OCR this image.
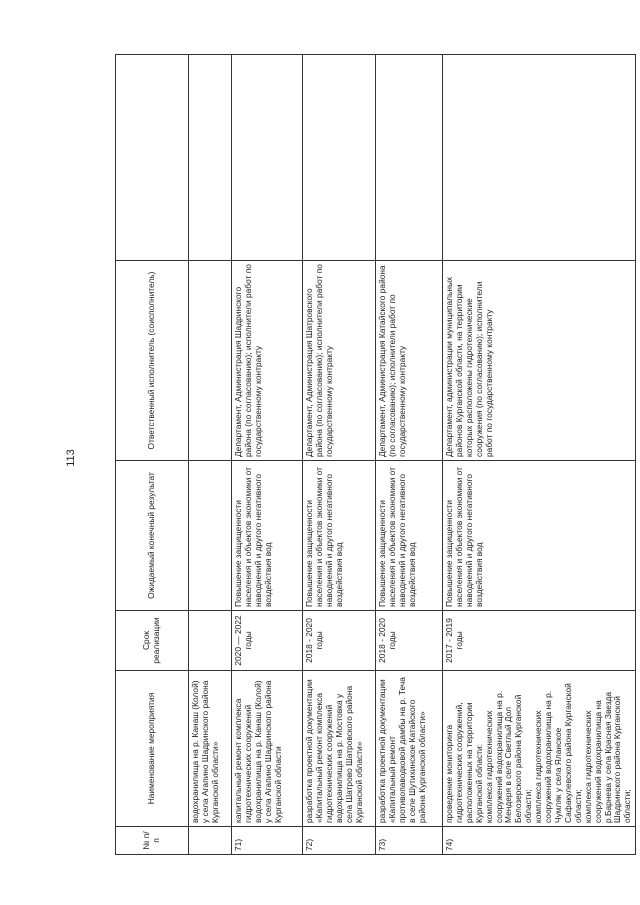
113
№ п/п	Наименование мероприятия	Срок реализации	Ожидаемый конечный результат	Ответственный исполнитель (соисполнитель)	
	водохранилища на р. Канаш (Колой) у села Агапино Шадринского района Курганской области»				
71)	капитальный ремонт комплекса гидротехнических сооружений водохранилища на р. Канаш (Колой) у села Агапино Шадринского района Курганской области	2020 — 2022 годы	Повышение защищенности населения и объектов экономики от наводнений и другого негативного воздействия вод	Департамент, Администрация Шадринского района (по согласованию); исполнители работ по государственному контракту	
72)	разработка проектной документации «Капитальный ремонт комплекса гидротехнических сооружений водохранилища на р. Мостовка у села Шатрово Шатровского района Курганской области»	2018 - 2020 годы	Повышение защищенности населения и объектов экономики от наводнений и другого негативного воздействия вод	Департамент, Администрация Шатровского района (по согласованию); исполнители работ по государственному контракту	
73)	разработка проектной документации «Капитальный ремонт противопаводковой дамбы на р. Теча в селе Шутихинское Катайского района Курганской области»	2018 - 2020 годы	Повышение защищенности населения и объектов экономики от наводнений и другого негативного воздействия вод	Департамент, Администрация Катайского района (по согласованию); исполнители работ по государственному контракту	
74)	проведение мониторинга гидротехнических сооружений, расположенных на территории Курганской области: комплекса гидротехнических сооружений водохранилища на р. Мендеря в селе Светлый Дол Белозерского района Курганской области; комплекса гидротехнических сооружений водохранилища на р. Чумляк у села Яланское Сафакулевского района Курганской области; комплекса гидротехнических сооружений водохранилища на р.Барнева у села Красная Звезда Шадринского района Курганской области;	2017 - 2019 годы	Повышение защищенности населения и объектов экономики от наводнений и другого негативного воздействия вод	Департамент, администрации муниципальных районов Курганской области, на территории которых расположены гидротехнические сооружения (по согласованию); исполнители работ по государственному контракту	
